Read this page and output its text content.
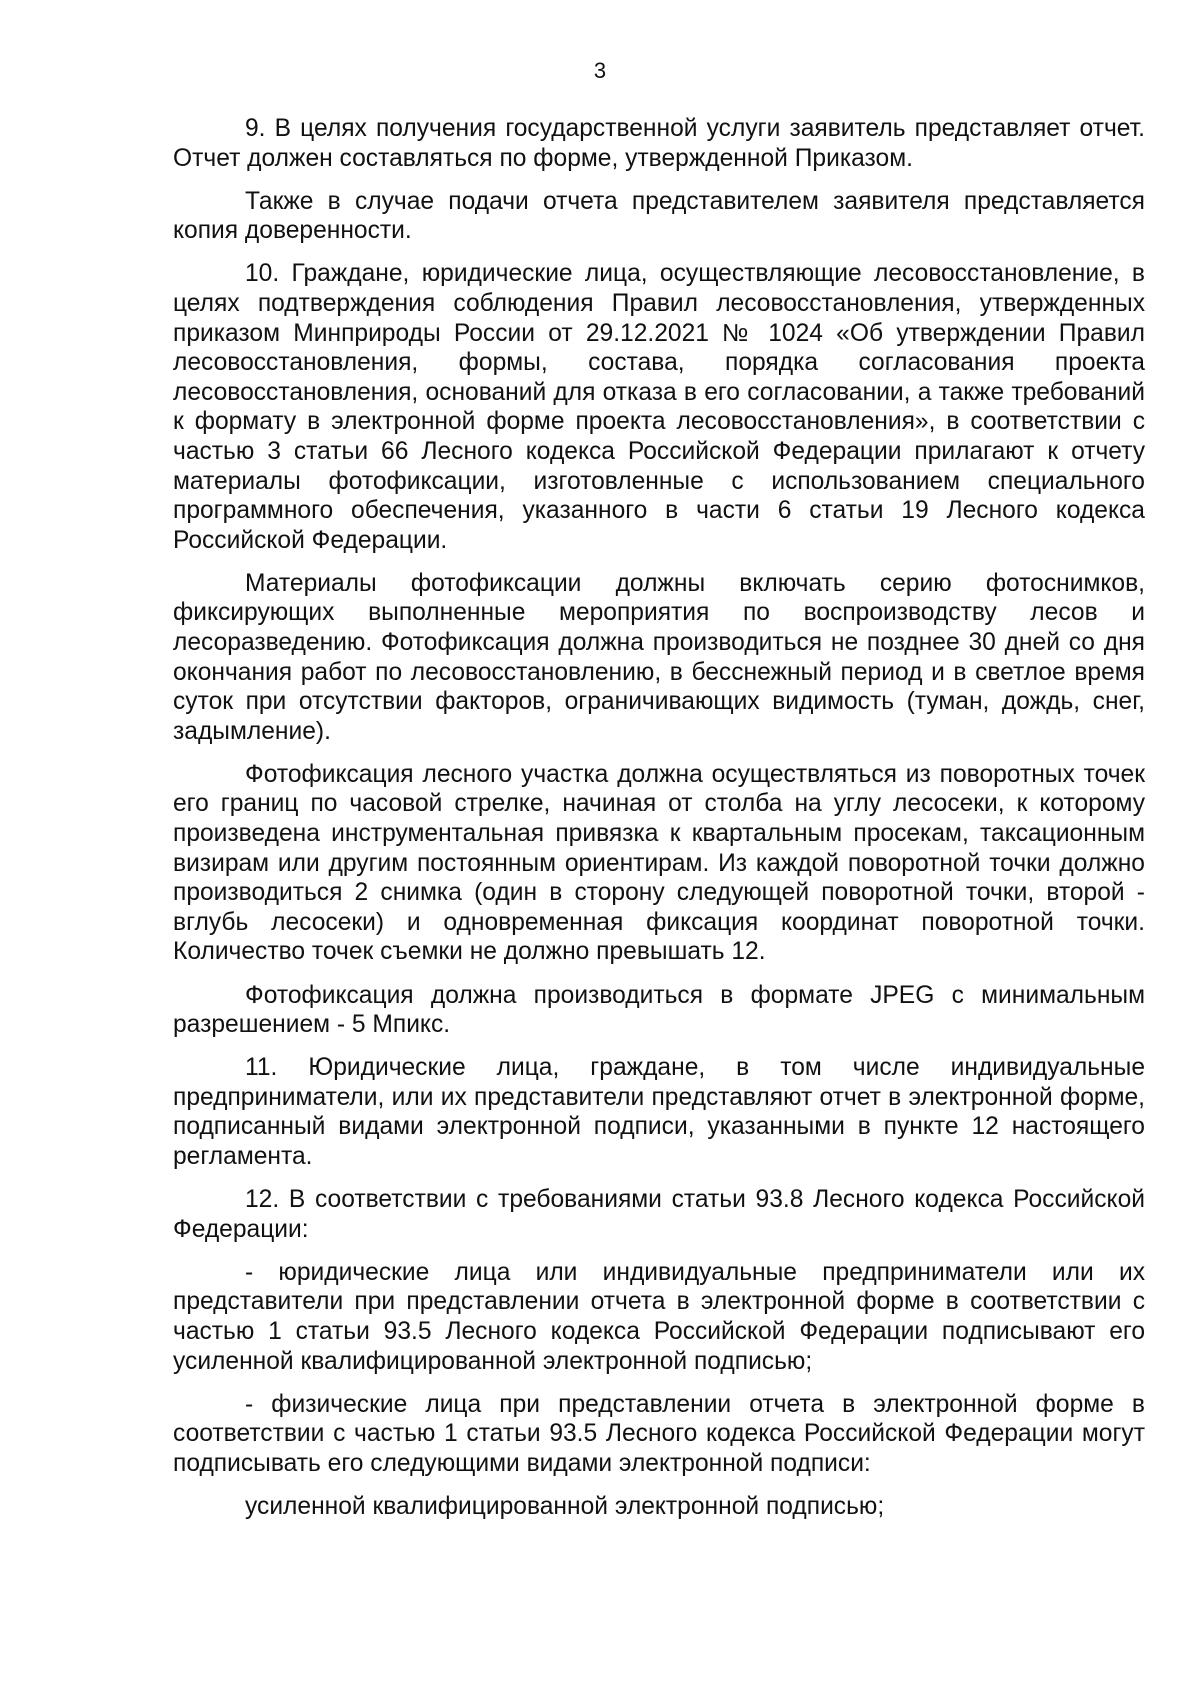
3

9. В целях получения государственной услуги заявитель представляет отчет. Отчет должен составляться по форме, утвержденной Приказом.

Также в случае подачи отчета представителем заявителя представляется копия доверенности.

10. Граждане, юридические лица, осуществляющие лесовосстановление, в целях подтверждения соблюдения Правил лесовосстановления, утвержденных приказом Минприроды России от 29.12.2021 № 1024 «Об утверждении Правил лесовосстановления, формы, состава, порядка согласования проекта лесовосстановления, оснований для отказа в его согласовании, а также требований к формату в электронной форме проекта лесовосстановления», в соответствии с частью 3 статьи 66 Лесного кодекса Российской Федерации прилагают к отчету материалы фотофиксации, изготовленные с использованием специального программного обеспечения, указанного в части 6 статьи 19 Лесного кодекса Российской Федерации.

Материалы фотофиксации должны включать серию фотоснимков, фиксирующих выполненные мероприятия по воспроизводству лесов и лесоразведению. Фотофиксация должна производиться не позднее 30 дней со дня окончания работ по лесовосстановлению, в бесснежный период и в светлое время суток при отсутствии факторов, ограничивающих видимость (туман, дождь, снег, задымление).

Фотофиксация лесного участка должна осуществляться из поворотных точек его границ по часовой стрелке, начиная от столба на углу лесосеки, к которому произведена инструментальная привязка к квартальным просекам, таксационным визирам или другим постоянным ориентирам. Из каждой поворотной точки должно производиться 2 снимка (один в сторону следующей поворотной точки, второй - вглубь лесосеки) и одновременная фиксация координат поворотной точки. Количество точек съемки не должно превышать 12.

Фотофиксация должна производиться в формате JPEG с минимальным разрешением - 5 Мпикс.

11. Юридические лица, граждане, в том числе индивидуальные предприниматели, или их представители представляют отчет в электронной форме, подписанный видами электронной подписи, указанными в пункте 12 настоящего регламента.

12. В соответствии с требованиями статьи 93.8 Лесного кодекса Российской Федерации:

- юридические лица или индивидуальные предприниматели или их представители при представлении отчета в электронной форме в соответствии с частью 1 статьи 93.5 Лесного кодекса Российской Федерации подписывают его усиленной квалифицированной электронной подписью;

- физические лица при представлении отчета в электронной форме в соответствии с частью 1 статьи 93.5 Лесного кодекса Российской Федерации могут подписывать его следующими видами электронной подписи:

усиленной квалифицированной электронной подписью;
